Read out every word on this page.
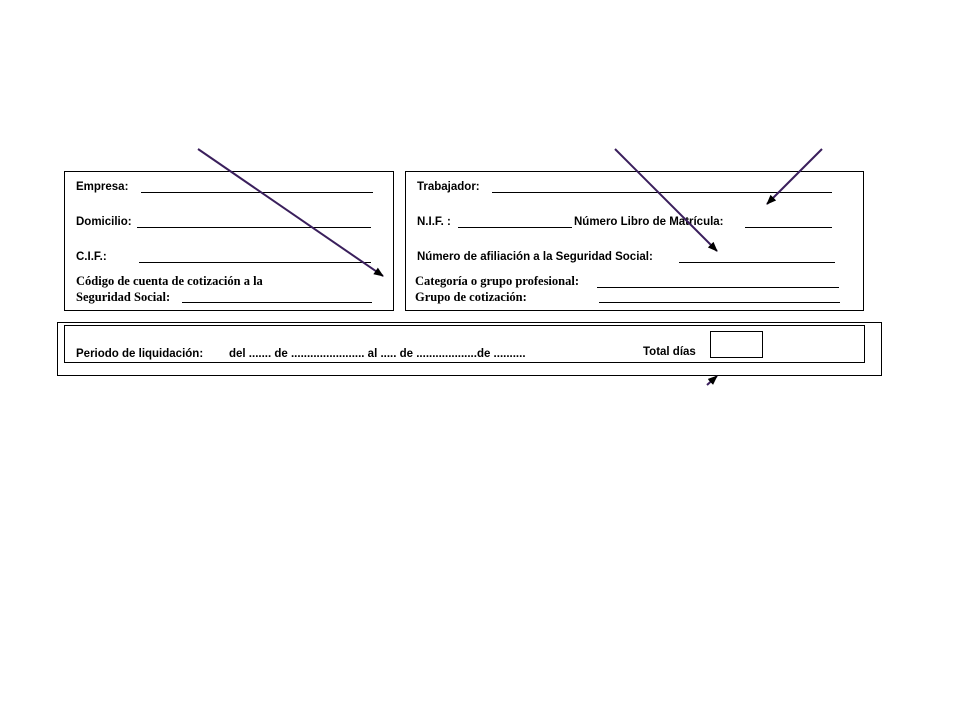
Empresa:
Domicilio:
C.I.F.:
Código de cuenta de cotización a la
Seguridad Social:
Trabajador:
N.I.F. :	Número Libro de Matrícula:
Número de afiliación a la Seguridad Social:
Categoría o grupo profesional:
Grupo de cotización:
Periodo de liquidación: del ....... de ....................... al ..... de ...................de ..........	Total días
